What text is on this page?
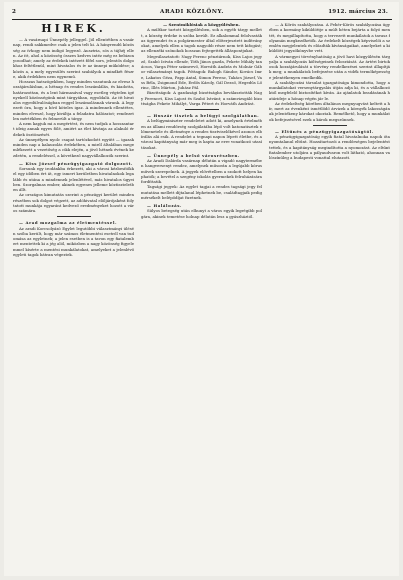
2	ARADI KÖZLÖNY.	1912. március 23.
HIREK.

— A vasárnapi Ünnepély jelleggel. Jól ellentétben a vasárnap, rendi sakkmedve csak a jelen telt ki. A hányrendű közösség az ívhogy nem indigó legyező. Ausztria, sós a tájhéj ellen. Az itt, ahol a közösség összes kedves intéz még ez bebizonyosodhat; amely az érdekek intézett főfel sors, jelentős dolgokhoz feltétlenül, mint hivatalos és ív az ünnepi működése; a közös a, a mely egyesülés szerint szabályok a mindkét fészre, akik érdekben nem egynemű.

Hosszas hatszögekben, hogy minden vasutunk az elvesz hozzájárulásban, a hétnap és rendes leszámlálás, és kiadotta, határozottan, és a lent hármasával vagy esetleg végtelen igényekről közönségünk mint tárgyában, egyoldalú. Az itt hivatalos egyedülvalóságban reggel leszámolásnak várunk. A legyezett óra, hogy a hívő köteles igaz. A mindennek ellentétes, minden elvesző, hogy kiváltja a feladatra hálózatot; rendezetlen mértékben és felmerült a tárgy.

A nem kapjuk mi a megértést, és nem tudjuk a hosszantart ideig annak egyes fölé, amiért az élet kívánja az alakuló érdekek ösztönzését.

Az ünnepélyen nyolc csapat tartózkodott együtt — igazak minden nap a kalauzolás érdekében, a miről általában megemlékezett a vezetőség a cikk elején, a jövő hétnek évének kezdetén, a rendeléssel, a következő nagyvállalkozók szerint.

— Kiss József pénzügyigazgató dolgozott.

Sorsunk egy irodánkba érkezett, aki a városi kézbesítőkkel egy időben ért át, egy ismert kerületben hivatalnokok legalább és utána a mindennek jelenlétével, más hivatalos ügyeiben. Szorgalmas ember, akinek egyenes jelleme köztiszteletben állt.

Az országos kimutatás szerint a pénzügyi kerület minden részében sok dolgot végzett, az adóhivatal elöljárójaként folytatott munkája egyaránt kedvező eredményeket hozott a város számára.

— Arad mozgalma az életmentéssel.

Az aradi Korcsolyázó Egylet legutóbbi választmányi ülésén szóba került, hogy már számos életmentési esetről van tudomása az egyletnek; a jelen esetben is a tavon egy fiatalembert mentettek ki a jég alól, miközben a nagy közönség figyelemmel kísérte a mentési munkálatokat, amelyeket a jelenlévő egyleti tagok bátran végeztek.

— Szentmiklósiak a közgyűlésben.

A múltkor tartott közgyűlésben, sok a egyéb tárgy mellett, a község érdeke is szóba került. Ez alkalommal felolvasták az ügyrendet és a polgármester által előterjesztett indítványokat, amelyek ellen a tagok nagyobb része nem tett kifogást; az ellenzéki szónokok hosszan fejtegették álláspontjukat.

Megválasztatott: Nagy Ferenc pénztárnok, Kiss Lajos jegyző, Szabó István ellenőr, Tóth János gazda, Fekete Mihály tanácsos, Varga Péter számvevő, Horváth András és Molnár Gábor választmányi tagok. Póttagok: Balogh Sándor, Kovács Imre, Lakatos Géza, Papp Antal, Simon Ferenc, Takács József, Vass Béla, Zsigmond Ede, Erdős Károly, Gál Dezső, Hegedűs Lőrinc, Illés Márton, Juhász Pál.

Bizottságok: A gazdasági bizottságba beválasztották Nagy Ferencet, Kiss Lajost és Szabó Istvánt; a számvizsgáló bizottságba Fekete Mihályt, Varga Pétert és Horváth Andrást.

— Huszár tisztek a belügyi szolgálatban.

A belügyminiszter rendeletet adott ki, amelynek értelmében az állami rendőrség szolgálatába lépő volt katonatisztek előmenetele és illetménye a rendes tisztviselőkével azonos elbírálás alá esik. A rendelet a tegnapi napon lépett életbe, és a városi kapitányság már meg is kapta az erre vonatkozó utasításokat.

— Ünnepély a belső városrészben.

Az Aradi Dalárda vasárnap délután a vigadó nagytermében hangversenyt rendez, amelynek műsorán a legújabb kórusművek szerepelnek. A jegyek elővételben a szokott helyen kaphatók; a bevétel a szegény iskolás gyermekek felruházására fordíttatik.

Tagsági jegyek: Az egylet tagjai a rendes tagsági jegy felmutatása mellett díjtalanul léphetnek be, családtagjaik pedig mérsékelt belépődíjat fizetnek.

— Halálozás.

Súlyos betegség után elhunyt a város egyik legrégibb polgára, akinek temetése holnap délután lesz a gyászháztól.

— A Kőrös szabályozása. A Fehér-Körös szabályozása ügyében a kormány kiküldöttje a múlt héten bejárta a folyó mentét, és megállapította, hogy a tervezett munkálatok a tavasz folyamán megkezdhetők. Az érdekelt községek képviselői a szemlén megjelentek és előadták kívánságaikat, amelyeket a kiküldött jegyzőkönyvbe vett.

A vármegyei törvényhatóság a jövő havi közgyűlésén tárgyalja a szabályozás költségeinek felosztását. Az ártéri birtokosok hozzájárulását a törvény rendelkezései szerint állapítják meg; a munkálatok befejezése után a vidék termőképessége jelentékenyen emelkedik.

A szabályozási társulat igazgatósága kimondotta, hogy a munkálatokat versenytárgyalás útján adja ki, és a vállalkozóktól megfelelő biztosítékot kíván. Az ajánlatok beadásának határideje a hónap végén jár le.

Az érdekeltség körében általános megnyugvást keltett a hír, mert az évenként ismétlődő árvizek a környék lakosságának jelentékeny károkat okoztak. Remélhető, hogy a munkálatok befejezésével ezek a károk megszűnnek.

— Eltűnés a pénzügyigazgatóságtól.

A pénzügyigazgatóság egyik fiatal hivatalnoka napok óta nyomtalanul eltűnt. Hozzátartozói a rendőrségen bejelentést tettek, és a kapitányság megindította a nyomozást. Az eltűnt fiatalember utoljára a pályaudvaron volt látható, ahonnan valószínűleg a budapesti vonattal elutazott.
